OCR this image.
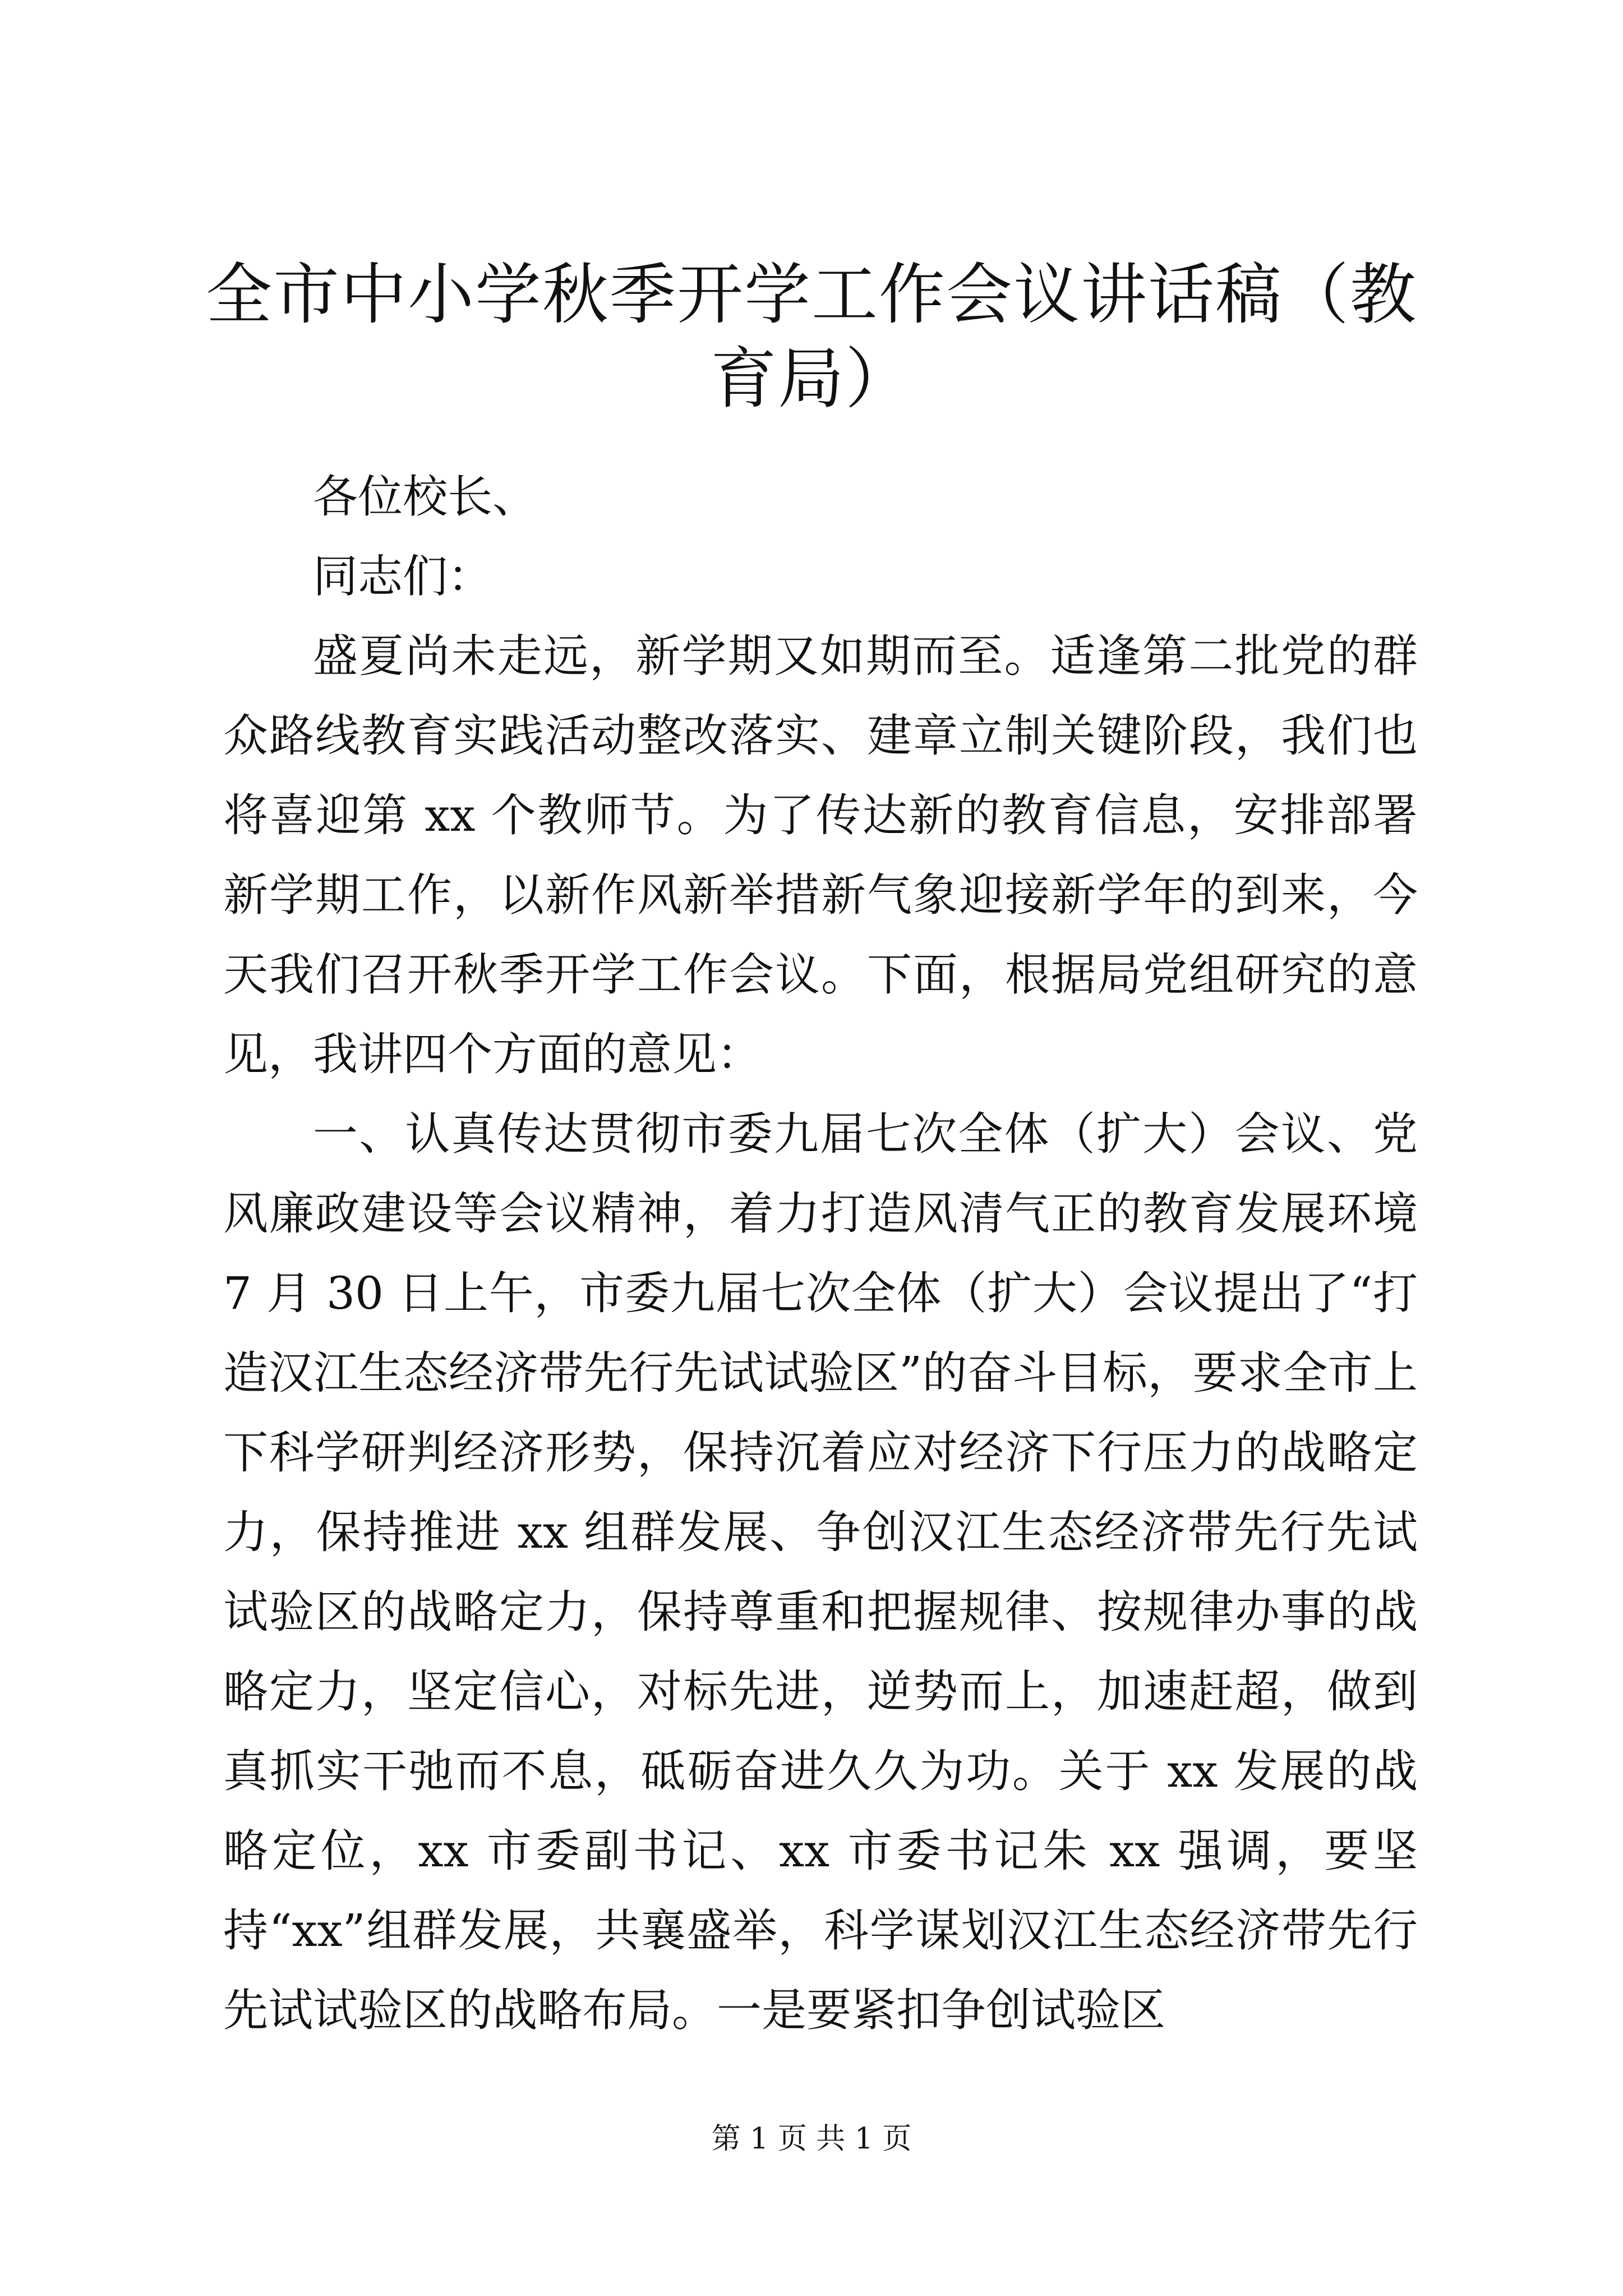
全市中小学秋季开学工作会议讲话稿（教育局）

各位校长、

同志们：

盛夏尚未走远，新学期又如期而至。适逢第二批党的群众路线教育实践活动整改落实、建章立制关键阶段，我们也将喜迎第 xx 个教师节。为了传达新的教育信息，安排部署新学期工作，以新作风新举措新气象迎接新学年的到来，今天我们召开秋季开学工作会议。下面，根据局党组研究的意见，我讲四个方面的意见：

一、认真传达贯彻市委九届七次全体（扩大）会议、党风廉政建设等会议精神，着力打造风清气正的教育发展环境 7 月 30 日上午，市委九届七次全体（扩大）会议提出了“打造汉江生态经济带先行先试试验区”的奋斗目标，要求全市上下科学研判经济形势，保持沉着应对经济下行压力的战略定力，保持推进 xx 组群发展、争创汉江生态经济带先行先试试验区的战略定力，保持尊重和把握规律、按规律办事的战略定力，坚定信心，对标先进，逆势而上，加速赶超，做到真抓实干弛而不息，砥砺奋进久久为功。关于 xx 发展的战略定位，xx 市委副书记、xx 市委书记朱 xx 强调，要坚持“xx”组群发展，共襄盛举，科学谋划汉江生态经济带先行先试试验区的战略布局。一是要紧扣争创试验区

第 1 页 共 1 页
